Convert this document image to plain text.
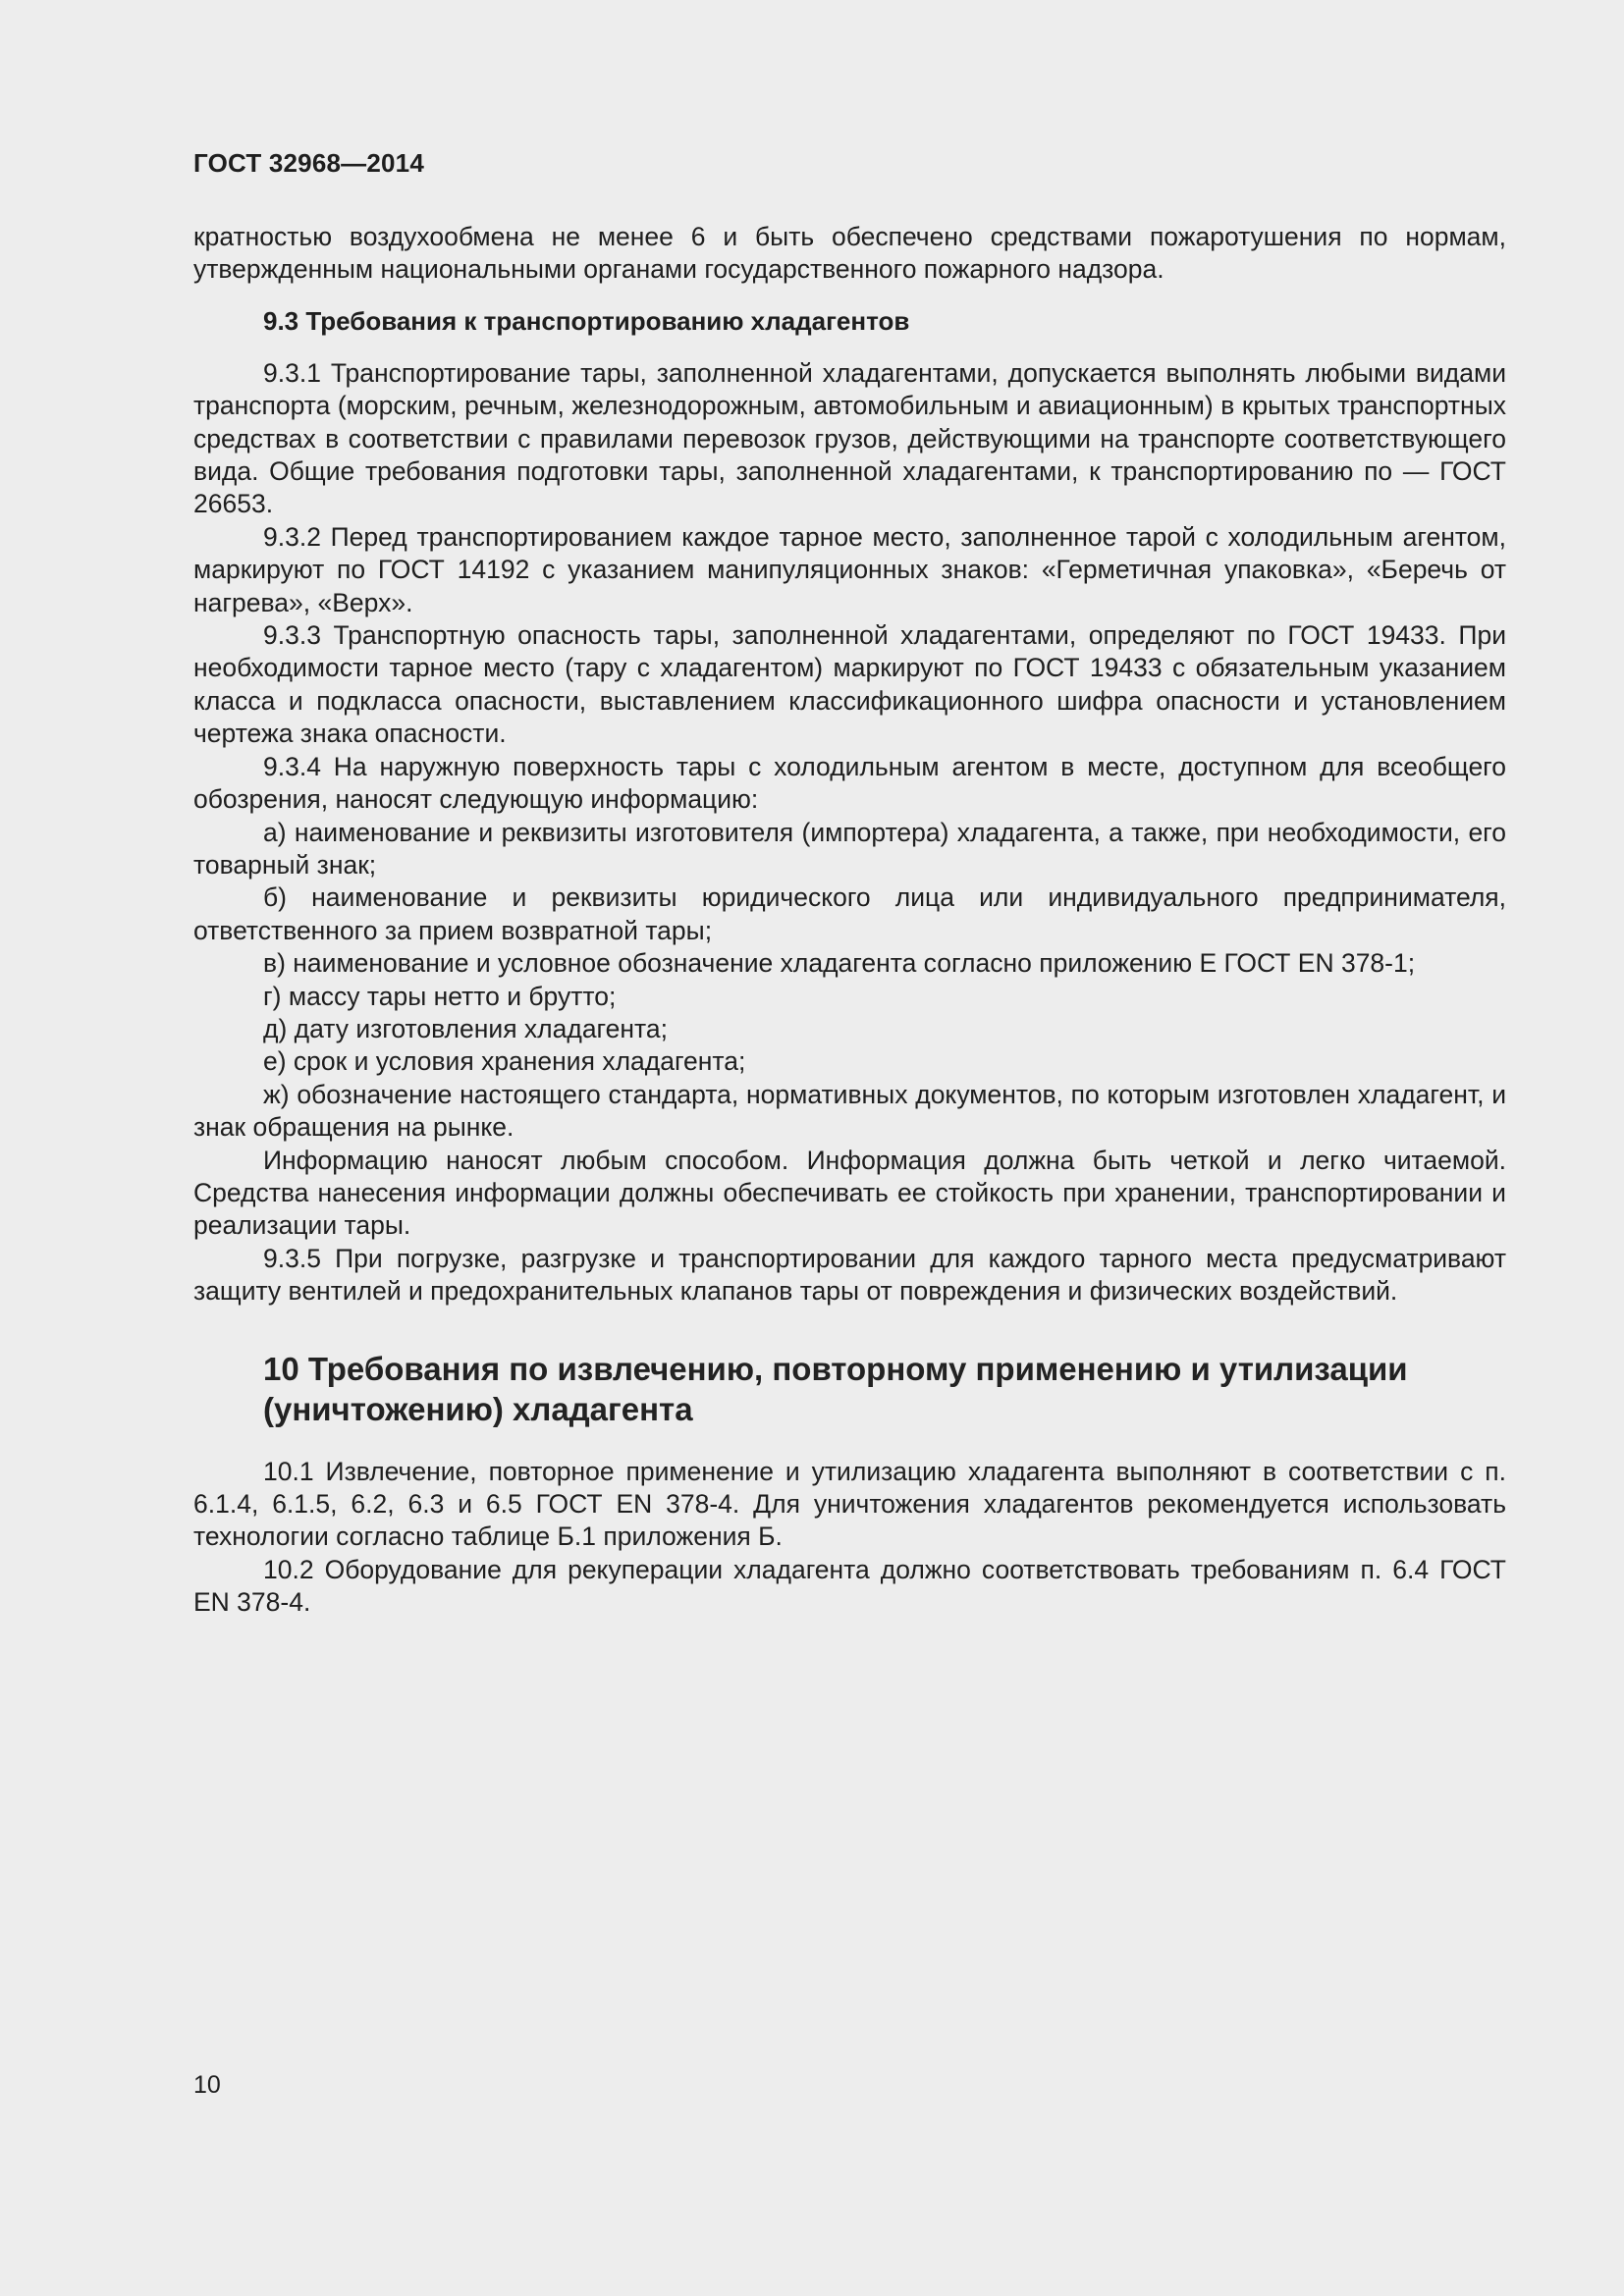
ГОСТ 32968—2014

кратностью воздухообмена не менее 6 и быть обеспечено средствами пожаротушения по нормам, утвержденным национальными органами государственного пожарного надзора.

9.3 Требования к транспортированию хладагентов

9.3.1 Транспортирование тары, заполненной хладагентами, допускается выполнять любыми видами транспорта (морским, речным, железнодорожным, автомобильным и авиационным) в крытых транспортных средствах в соответствии с правилами перевозок грузов, действующими на транспорте соответствующего вида. Общие требования подготовки тары, заполненной хладагентами, к транспортированию по — ГОСТ 26653.

9.3.2 Перед транспортированием каждое тарное место, заполненное тарой с холодильным агентом, маркируют по ГОСТ 14192 с указанием манипуляционных знаков: «Герметичная упаковка», «Беречь от нагрева», «Верх».

9.3.3 Транспортную опасность тары, заполненной хладагентами, определяют по ГОСТ 19433. При необходимости тарное место (тару с хладагентом) маркируют по ГОСТ 19433 с обязательным указанием класса и подкласса опасности, выставлением классификационного шифра опасности и установлением чертежа знака опасности.

9.3.4 На наружную поверхность тары с холодильным агентом в месте, доступном для всеобщего обозрения, наносят следующую информацию:

а) наименование и реквизиты изготовителя (импортера) хладагента, а также, при необходимости, его товарный знак;

б) наименование и реквизиты юридического лица или индивидуального предпринимателя, ответственного за прием возвратной тары;

в) наименование и условное обозначение хладагента согласно приложению Е ГОСТ EN 378-1;

г) массу тары нетто и брутто;

д) дату изготовления хладагента;

е) срок и условия хранения хладагента;

ж) обозначение настоящего стандарта, нормативных документов, по которым изготовлен хладагент, и знак обращения на рынке.

Информацию наносят любым способом. Информация должна быть четкой и легко читаемой. Средства нанесения информации должны обеспечивать ее стойкость при хранении, транспортировании и реализации тары.

9.3.5 При погрузке, разгрузке и транспортировании для каждого тарного места предусматривают защиту вентилей и предохранительных клапанов тары от повреждения и физических воздействий.

10 Требования по извлечению, повторному применению и утилизации (уничтожению) хладагента

10.1 Извлечение, повторное применение и утилизацию хладагента выполняют в соответствии с п. 6.1.4, 6.1.5, 6.2, 6.3 и 6.5 ГОСТ EN 378-4. Для уничтожения хладагентов рекомендуется использовать технологии согласно таблице Б.1 приложения Б.

10.2 Оборудование для рекуперации хладагента должно соответствовать требованиям п. 6.4 ГОСТ EN 378-4.

10
